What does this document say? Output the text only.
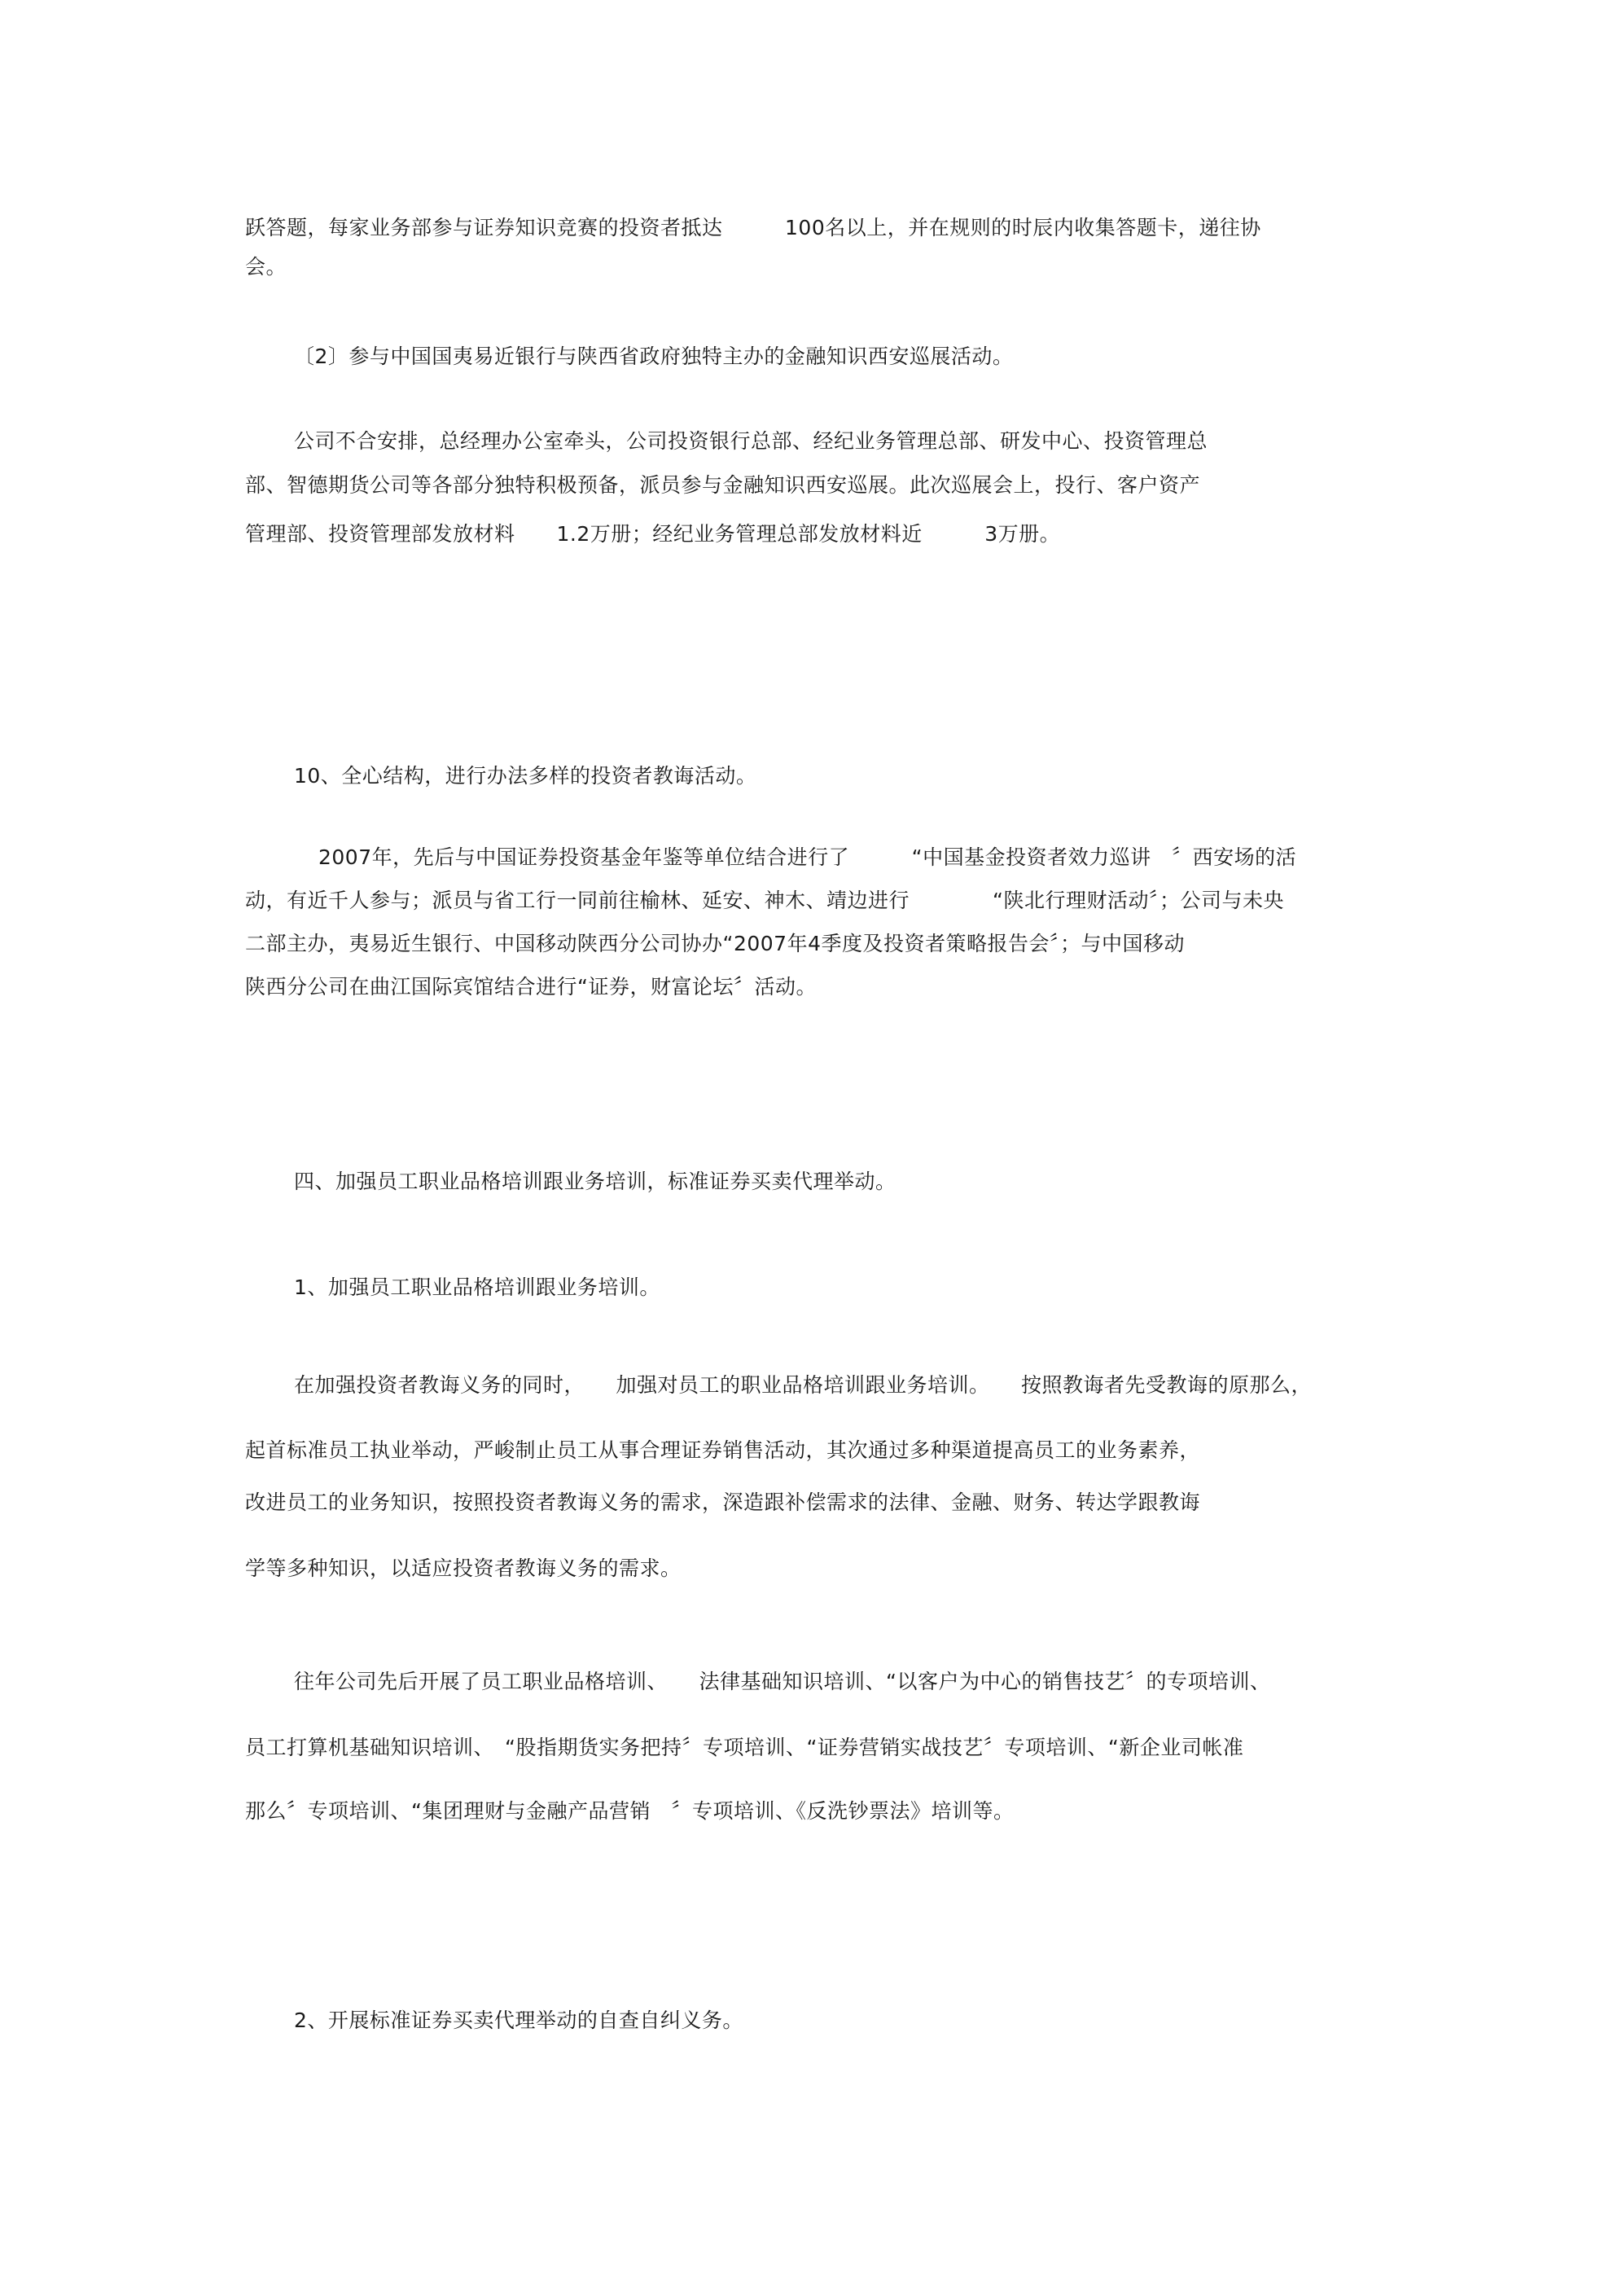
跃答题，每家业务部参与证券知识竞赛的投资者抵达　　　100名以上，并在规则的时辰内收集答题卡，递往协
会。
〔2〕参与中国国夷易近银行与陕西省政府独特主办的金融知识西安巡展活动。
公司不合安排，总经理办公室牵头，公司投资银行总部、经纪业务管理总部、研发中心、投资管理总
部、智德期货公司等各部分独特积极预备，派员参与金融知识西安巡展。此次巡展会上，投行、客户资产
管理部、投资管理部发放材料　　1.2万册；经纪业务管理总部发放材料近　　　3万册。
10、全心结构，进行办法多样的投资者教诲活动。
2007年，先后与中国证券投资基金年鉴等单位结合进行了　　　“中国基金投资者效力巡讲　〞西安场的活
动，有近千人参与；派员与省工行一同前往榆林、延安、神木、靖边进行　　　　“陕北行理财活动〞；公司与未央
二部主办，夷易近生银行、中国移动陕西分公司协办“2007年4季度及投资者策略报告会〞；与中国移动
陕西分公司在曲江国际宾馆结合进行“证券，财富论坛〞活动。
四、加强员工职业品格培训跟业务培训，标准证券买卖代理举动。
1、加强员工职业品格培训跟业务培训。
在加强投资者教诲义务的同时，　　加强对员工的职业品格培训跟业务培训。　　按照教诲者先受教诲的原那么，
起首标准员工执业举动，严峻制止员工从事合理证券销售活动，其次通过多种渠道提高员工的业务素养，
改进员工的业务知识，按照投资者教诲义务的需求，深造跟补偿需求的法律、金融、财务、转达学跟教诲
学等多种知识，以适应投资者教诲义务的需求。
往年公司先后开展了员工职业品格培训、　　法律基础知识培训、“以客户为中心的销售技艺〞的专项培训、
员工打算机基础知识培训、　“股指期货实务把持〞专项培训、“证券营销实战技艺〞专项培训、“新企业司帐准
那么〞专项培训、“集团理财与金融产品营销　〞专项培训、《反洗钞票法》培训等。
2、开展标准证券买卖代理举动的自查自纠义务。
